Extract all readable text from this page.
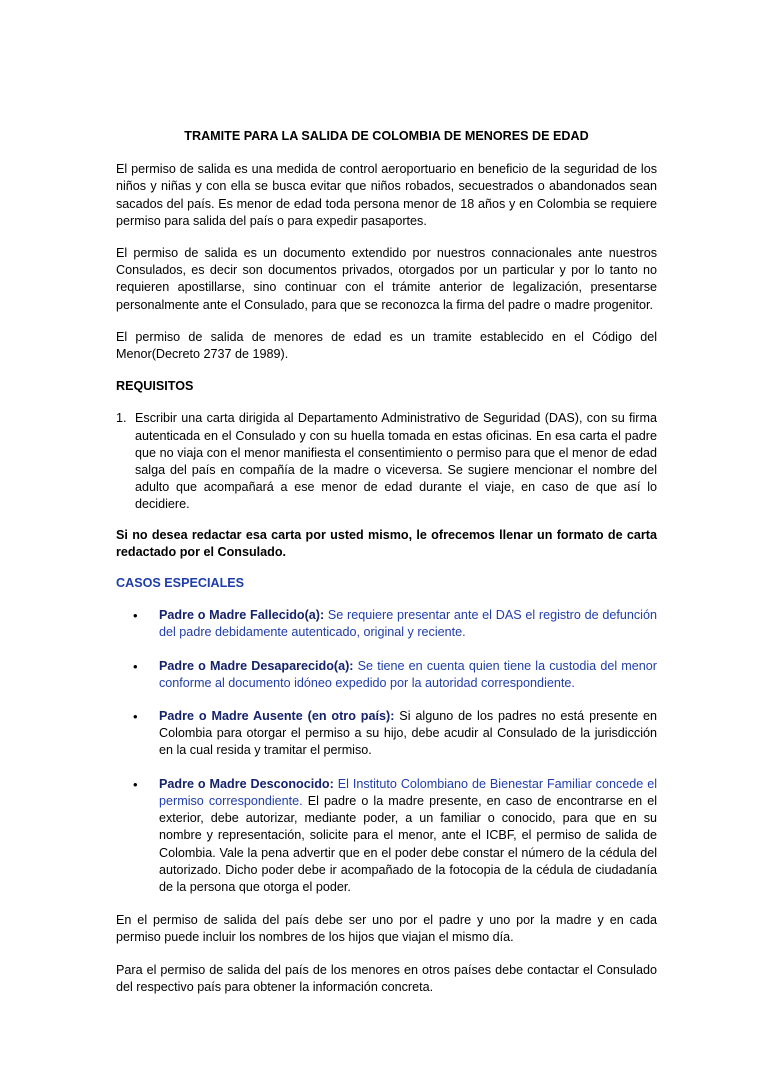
TRAMITE PARA LA SALIDA DE COLOMBIA DE MENORES DE EDAD

El permiso de salida es una medida de control aeroportuario en beneficio de la seguridad de los niños y niñas y con ella se busca evitar que niños robados, secuestrados o abandonados sean sacados del país. Es menor de edad toda persona menor de 18 años y en Colombia se requiere permiso para salida del país o para expedir pasaportes.

El permiso de salida es un documento extendido por nuestros connacionales ante nuestros Consulados, es decir son documentos privados, otorgados por un particular y por lo tanto no requieren apostillarse, sino continuar con el trámite anterior de legalización, presentarse personalmente ante el Consulado, para que se reconozca la firma del padre o madre progenitor.

El permiso de salida de menores de edad es un tramite establecido en el Código del Menor(Decreto 2737 de 1989).

REQUISITOS
1. Escribir una carta dirigida al Departamento Administrativo de Seguridad (DAS), con su firma autenticada en el Consulado y con su huella tomada en estas oficinas. En esa carta el padre que no viaja con el menor manifiesta el consentimiento o permiso para que el menor de edad salga del país en compañía de la madre o viceversa. Se sugiere mencionar el nombre del adulto que acompañará a ese menor de edad durante el viaje, en caso de que así lo decidiere.
Si no desea redactar esa carta por usted mismo, le ofrecemos llenar un formato de carta redactado por el Consulado.
CASOS ESPECIALES
• Padre o Madre Fallecido(a): Se requiere presentar ante el DAS el registro de defunción del padre debidamente autenticado, original y reciente.
• Padre o Madre Desaparecido(a): Se tiene en cuenta quien tiene la custodia del menor conforme al documento idóneo expedido por la autoridad correspondiente.
• Padre o Madre Ausente (en otro país): Si alguno de los padres no está presente en Colombia para otorgar el permiso a su hijo, debe acudir al Consulado de la jurisdicción en la cual resida y tramitar el permiso.
• Padre o Madre Desconocido: El Instituto Colombiano de Bienestar Familiar concede el permiso correspondiente. El padre o la madre presente, en caso de encontrarse en el exterior, debe autorizar, mediante poder, a un familiar o conocido, para que en su nombre y representación, solicite para el menor, ante el ICBF, el permiso de salida de Colombia. Vale la pena advertir que en el poder debe constar el número de la cédula del autorizado. Dicho poder debe ir acompañado de la fotocopia de la cédula de ciudadanía de la persona que otorga el poder.

En el permiso de salida del país debe ser uno por el padre y uno por la madre y en cada permiso puede incluir los nombres de los hijos que viajan el mismo día.

Para el permiso de salida del país de los menores en otros países debe contactar el Consulado del respectivo país para obtener la información concreta.
